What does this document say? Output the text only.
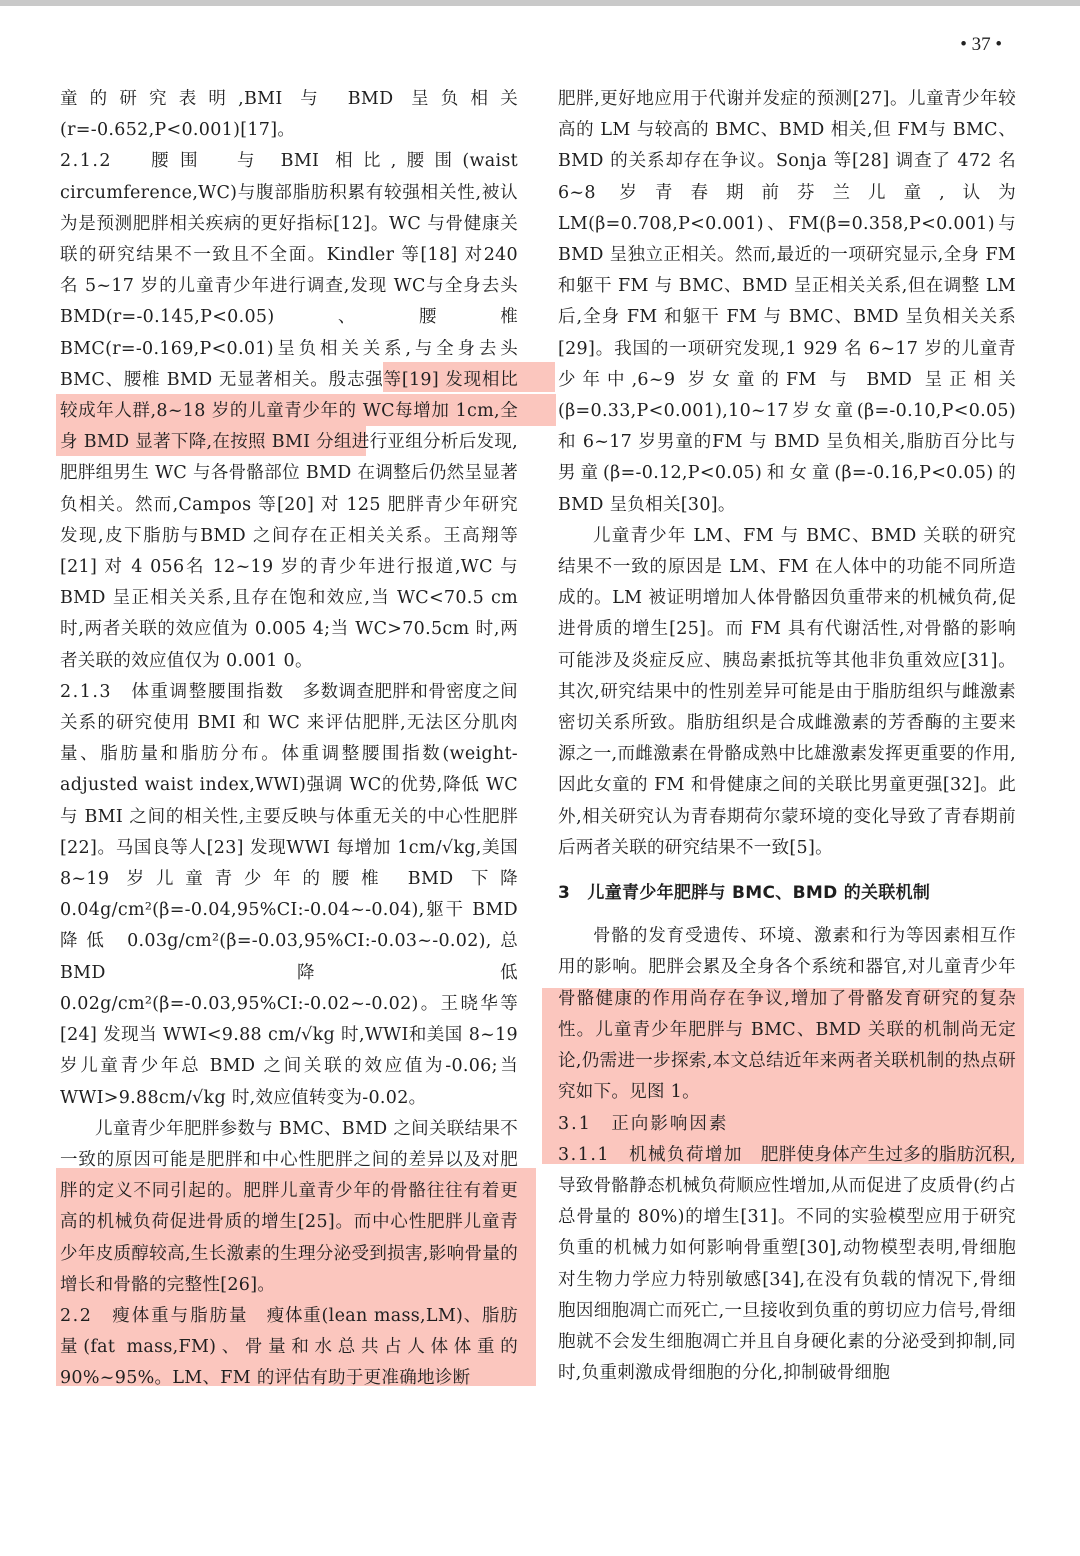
• 37 •

童的研究表明,BMI 与 BMD 呈负相关(r=-0.652,P<0.001)[17]。

2.1.2　腰围　 与 BMI 相比,腰围(waist circumference,WC)与腹部脂肪积累有较强相关性,被认为是预测肥胖相关疾病的更好指标[12]。WC 与骨健康关联的研究结果不一致且不全面。Kindler 等[18] 对240 名 5~17 岁的儿童青少年进行调查,发现 WC与全身去头 BMD(r=-0.145,P<0.05)、腰椎BMC(r=-0.169,P<0.01)呈负相关关系,与全身去头 BMC、腰椎 BMD 无显著相关。殷志强等[19] 发现相比较成年人群,8~18 岁的儿童青少年的 WC每增加 1cm,全身 BMD 显著下降,在按照 BMI 分组进行亚组分析后发现,肥胖组男生 WC 与各骨骼部位 BMD 在调整后仍然呈显著负相关。然而,Campos 等[20] 对 125 肥胖青少年研究发现,皮下脂肪与BMD 之间存在正相关关系。王高翔等[21] 对 4 056名 12~19 岁的青少年进行报道,WC 与 BMD 呈正相关关系,且存在饱和效应,当 WC<70.5 cm 时,两者关联的效应值为 0.005 4;当 WC>70.5cm 时,两者关联的效应值仅为 0.001 0。

2.1.3　体重调整腰围指数　 多数调查肥胖和骨密度之间关系的研究使用 BMI 和 WC 来评估肥胖,无法区分肌肉量、脂肪量和脂肪分布。体重调整腰围指数(weight-adjusted waist index,WWI)强调 WC的优势,降低 WC 与 BMI 之间的相关性,主要反映与体重无关的中心性肥胖[22]。马国良等人[23] 发现WWI 每增加 1cm/√kg,美国 8~19 岁儿童青少年的腰椎 BMD 下降 0.04g/cm²(β=-0.04,95%CI:-0.04~-0.04),躯干 BMD 降低 0.03g/cm²(β=-0.03,95%CI:-0.03~-0.02),总 BMD 降低0.02g/cm²(β=-0.03,95%CI:-0.02~-0.02)。王晓华等[24] 发现当 WWI<9.88 cm/√kg 时,WWI和美国 8~19 岁儿童青少年总 BMD 之间关联的效应值为-0.06;当 WWI>9.88cm/√kg 时,效应值转变为-0.02。

儿童青少年肥胖参数与 BMC、BMD 之间关联结果不一致的原因可能是肥胖和中心性肥胖之间的差异以及对肥胖的定义不同引起的。肥胖儿童青少年的骨骼往往有着更高的机械负荷促进骨质的增生[25]。而中心性肥胖儿童青少年皮质醇较高,生长激素的生理分泌受到损害,影响骨量的增长和骨骼的完整性[26]。

2.2　瘦体重与脂肪量　 瘦体重(lean mass,LM)、脂肪量(fat mass,FM)、骨量和水总共占人体体重的90%~95%。LM、FM 的评估有助于更准确地诊断

肥胖,更好地应用于代谢并发症的预测[27]。儿童青少年较高的 LM 与较高的 BMC、BMD 相关,但 FM与 BMC、BMD 的关系却存在争议。Sonja 等[28] 调查了 472 名 6~8 岁青春期前芬兰儿童,认为 LM(β=0.708,P<0.001)、FM(β=0.358,P<0.001)与BMD 呈独立正相关。然而,最近的一项研究显示,全身 FM 和躯干 FM 与 BMC、BMD 呈正相关关系,但在调整 LM 后,全身 FM 和躯干 FM 与 BMC、BMD 呈负相关关系[29]。我国的一项研究发现,1 929 名 6~17 岁的儿童青少年中,6~9 岁女童的FM 与 BMD 呈正相关(β=0.33,P<0.001),10~17岁女童(β=-0.10,P<0.05)和 6~17 岁男童的FM 与 BMD 呈负相关,脂肪百分比与男童(β=-0.12,P<0.05)和女童(β=-0.16,P<0.05)的BMD 呈负相关[30]。

儿童青少年 LM、FM 与 BMC、BMD 关联的研究结果不一致的原因是 LM、FM 在人体中的功能不同所造成的。LM 被证明增加人体骨骼因负重带来的机械负荷,促进骨质的增生[25]。而 FM 具有代谢活性,对骨骼的影响可能涉及炎症反应、胰岛素抵抗等其他非负重效应[31]。其次,研究结果中的性别差异可能是由于脂肪组织与雌激素密切关系所致。脂肪组织是合成雌激素的芳香酶的主要来源之一,而雌激素在骨骼成熟中比雄激素发挥更重要的作用,因此女童的 FM 和骨健康之间的关联比男童更强[32]。此外,相关研究认为青春期荷尔蒙环境的变化导致了青春期前后两者关联的研究结果不一致[5]。

3　儿童青少年肥胖与 BMC、BMD 的关联机制

骨骼的发育受遗传、环境、激素和行为等因素相互作用的影响。肥胖会累及全身各个系统和器官,对儿童青少年骨骼健康的作用尚存在争议,增加了骨骼发育研究的复杂性。儿童青少年肥胖与 BMC、BMD 关联的机制尚无定论,仍需进一步探索,本文总结近年来两者关联机制的热点研究如下。见图 1。

3.1　正向影响因素

3.1.1　机械负荷增加　 肥胖使身体产生过多的脂肪沉积,导致骨骼静态机械负荷顺应性增加,从而促进了皮质骨(约占总骨量的 80%)的增生[31]。不同的实验模型应用于研究负重的机械力如何影响骨重塑[30],动物模型表明,骨细胞对生物力学应力特别敏感[34],在没有负载的情况下,骨细胞因细胞凋亡而死亡,一旦接收到负重的剪切应力信号,骨细胞就不会发生细胞凋亡并且自身硬化素的分泌受到抑制,同时,负重刺激成骨细胞的分化,抑制破骨细胞
